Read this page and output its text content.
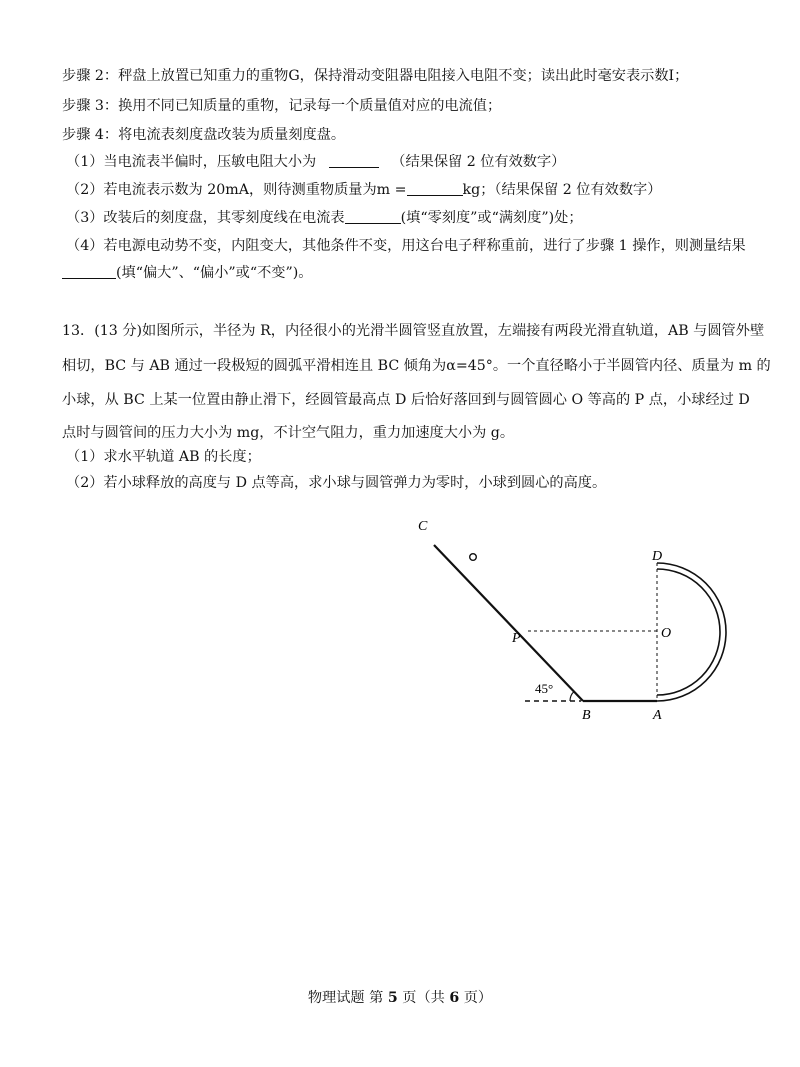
步骤 2：秤盘上放置已知重力的重物G，保持滑动变阻器电阻接入电阻不变；读出此时毫安表示数I；
步骤 3：换用不同已知质量的重物，记录每一个质量值对应的电流值；
步骤 4：将电流表刻度盘改装为质量刻度盘。
（1）当电流表半偏时，压敏电阻大小为	（结果保留 2 位有效数字）
（2）若电流表示数为 20mA，则待测重物质量为m =	kg；（结果保留 2 位有效数字）
（3）改装后的刻度盘，其零刻度线在电流表	(填“零刻度”或“满刻度”)处；
（4）若电源电动势不变，内阻变大，其他条件不变，用这台电子秤称重前，进行了步骤 1 操作，则测量结果
(填“偏大”、“偏小”或“不变”)。
13．(13 分)如图所示，半径为 R，内径很小的光滑半圆管竖直放置，左端接有两段光滑直轨道，AB 与圆管外壁
相切，BC 与 AB 通过一段极短的圆弧平滑相连且 BC 倾角为α=45°。一个直径略小于半圆管内径、质量为 m 的
小球，从 BC 上某一位置由静止滑下，经圆管最高点 D 后恰好落回到与圆管圆心 O 等高的 P 点，小球经过 D
点时与圆管间的压力大小为 mg，不计空气阻力，重力加速度大小为 g。
（1）求水平轨道 AB 的长度；
（2）若小球释放的高度与 D 点等高，求小球与圆管弹力为零时，小球到圆心的高度。
C
D
P	O
B	A
45°
物理试题 第 5 页（共 6 页）
